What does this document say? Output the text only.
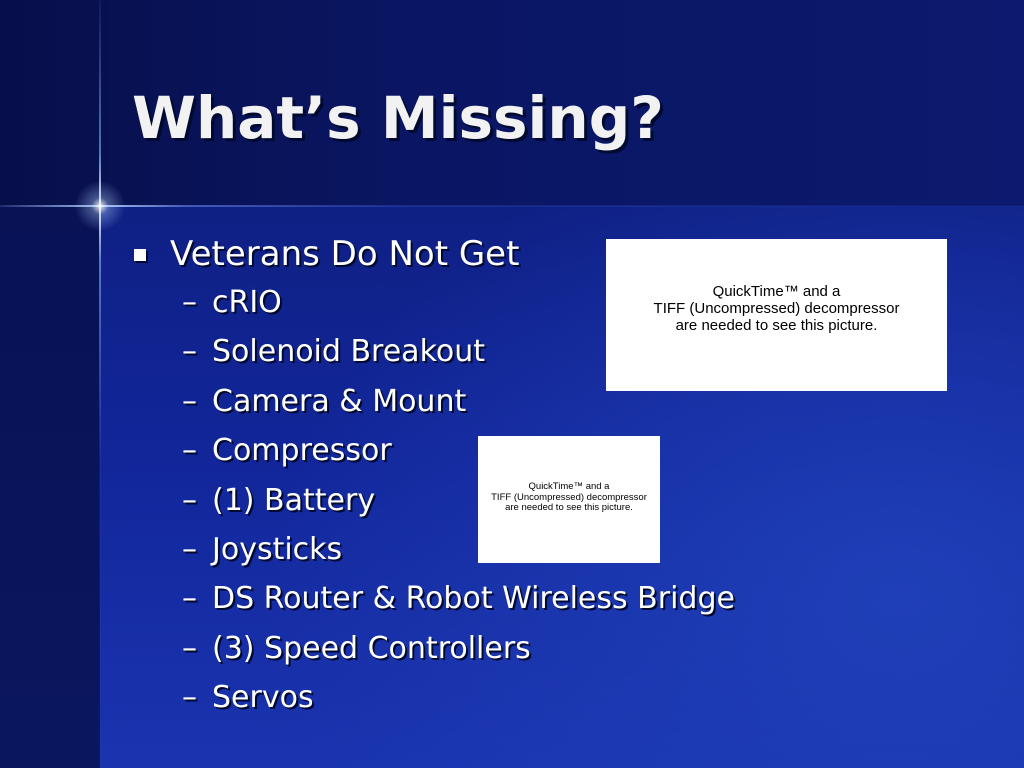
What’s Missing?
Veterans Do Not Get
– cRIO
– Solenoid Breakout
– Camera & Mount
– Compressor
– (1) Battery
– Joysticks
– DS Router & Robot Wireless Bridge
– (3) Speed Controllers
– Servos
QuickTime™ and a
TIFF (Uncompressed) decompressor
are needed to see this picture.
QuickTime™ and a
TIFF (Uncompressed) decompressor
are needed to see this picture.
